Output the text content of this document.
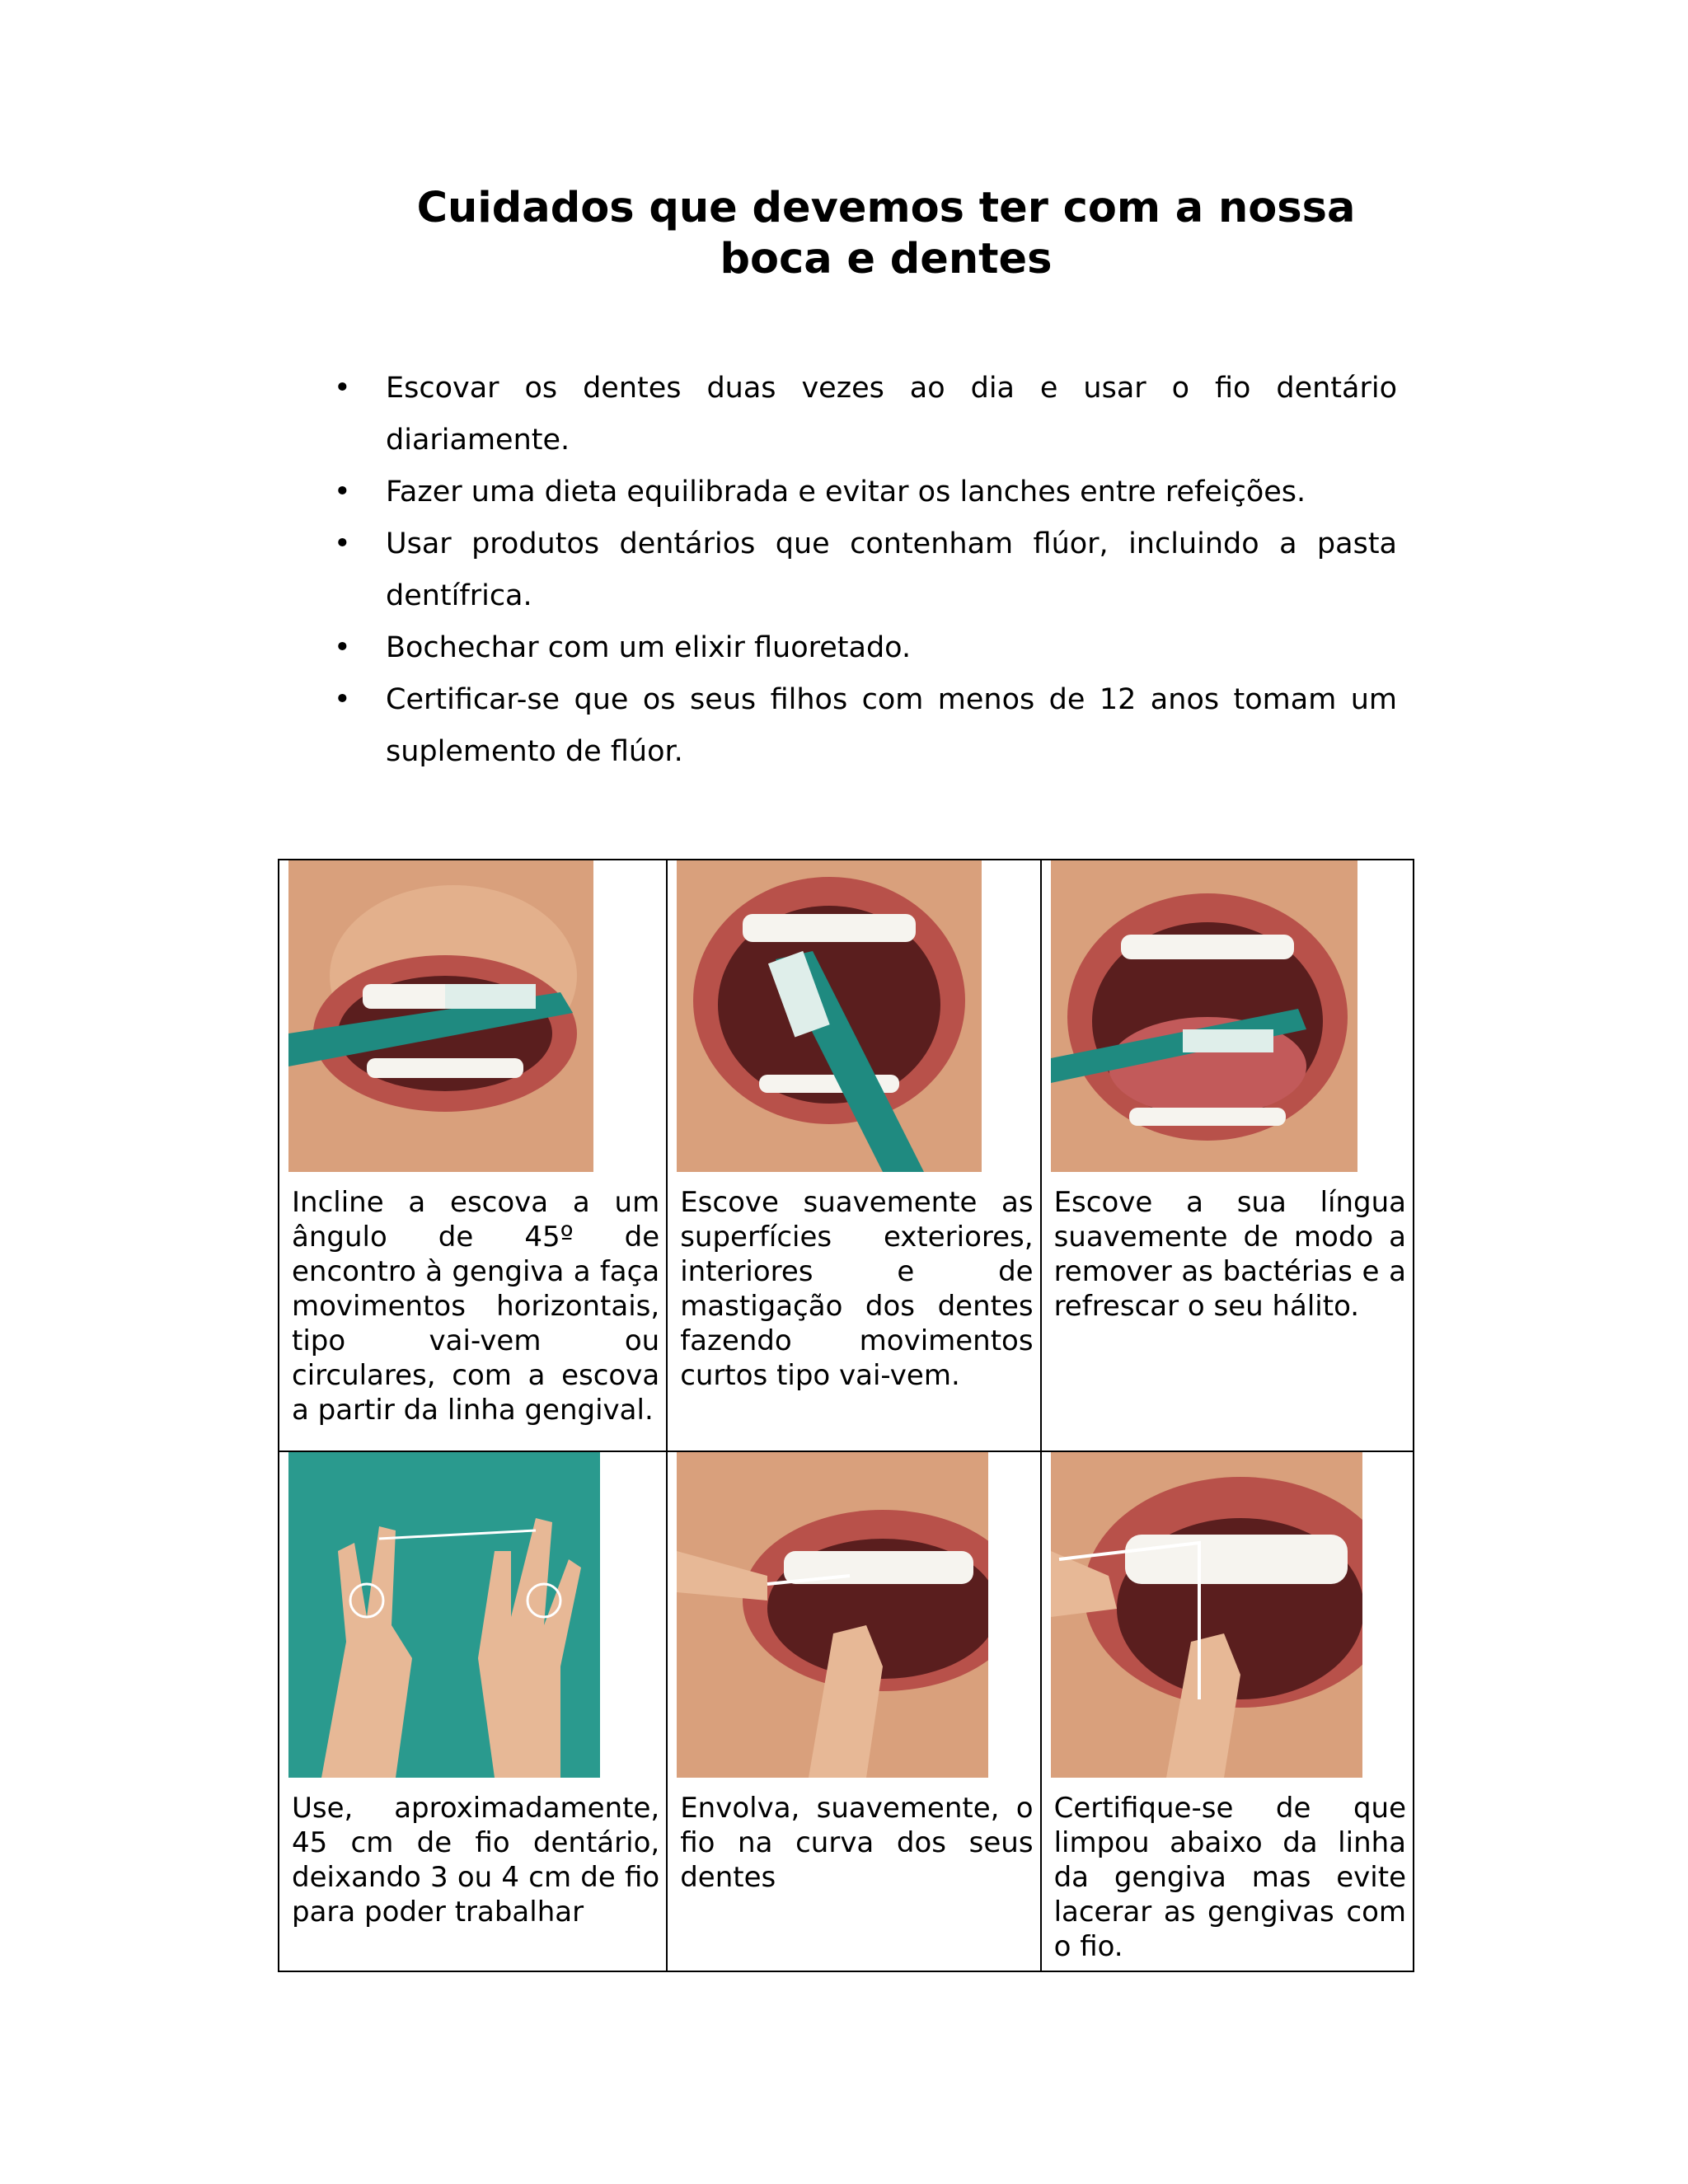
Cuidados que devemos ter com a nossa
boca e dentes
• Escovar os dentes duas vezes ao dia e usar o fio dentário diariamente.
• Fazer uma dieta equilibrada e evitar os lanches entre refeições.
• Usar produtos dentários que contenham flúor, incluindo a pasta dentífrica.
• Bochechar com um elixir fluoretado.
• Certificar-se que os seus filhos com menos de 12 anos tomam um suplemento de flúor.
Incline a escova a um ângulo de 45º de encontro à gengiva a faça movimentos horizontais, tipo vai-vem ou circulares, com a escova a partir da linha gengival.	Escove suavemente as superfícies exteriores, interiores e de mastigação dos dentes fazendo movimentos curtos tipo vai-vem.	Escove a sua língua suavemente de modo a remover as bactérias e a refrescar o seu hálito.

Use, aproximadamente, 45 cm de fio dentário, deixando 3 ou 4 cm de fio para poder trabalhar	Envolva, suavemente, o fio na curva dos seus dentes	Certifique-se de que limpou abaixo da linha da gengiva mas evite lacerar as gengivas com o fio.
